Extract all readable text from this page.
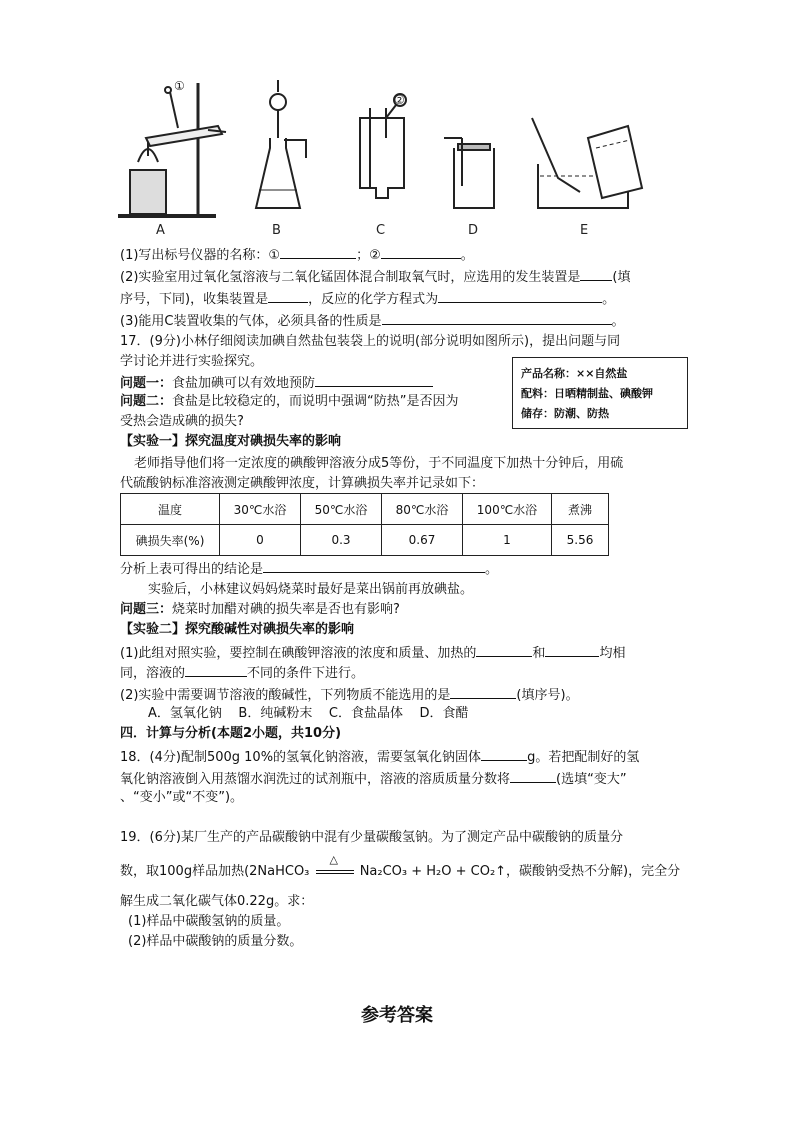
A	B	C	D	E
①
②
(1)写出标号仪器的名称：①	；②	。
(2)实验室用过氧化氢溶液与二氧化锰固体混合制取氧气时，应选用的发生装置是 (填
序号，下同)，收集装置是	，反应的化学方程式为	。
(3)能用C装置收集的气体，必须具备的性质是	。
17．(9分)小林仔细阅读加碘自然盐包装袋上的说明(部分说明如图所示)，提出问题与同
学讨论并进行实验探究。
产品名称：××自然盐
配料：日晒精制盐、碘酸钾
储存：防潮、防热
问题一：食盐加碘可以有效地预防
问题二：食盐是比较稳定的，而说明中强调“防热”是否因为
受热会造成碘的损失?
【实验一】探究温度对碘损失率的影响
老师指导他们将一定浓度的碘酸钾溶液分成5等份，于不同温度下加热十分钟后，用硫
代硫酸钠标准溶液测定碘酸钾浓度，计算碘损失率并记录如下：
温度	30℃水浴	50℃水浴	80℃水浴	100℃水浴	煮沸
碘损失率(%)	0	0.3	0.67	1	5.56
分析上表可得出的结论是	。
实验后，小林建议妈妈烧菜时最好是菜出锅前再放碘盐。
问题三：烧菜时加醋对碘的损失率是否也有影响?
【实验二】探究酸碱性对碘损失率的影响
(1)此组对照实验，要控制在碘酸钾溶液的浓度和质量、加热的	和	均相
同，溶液的	不同的条件下进行。
(2)实验中需要调节溶液的酸碱性，下列物质不能选用的是	(填序号)。
A．氢氧化钠    B．纯碱粉末    C．食盐晶体    D．食醋
四．计算与分析(本题2小题，共10分)
18．(4分)配制500g 10%的氢氧化钠溶液，需要氢氧化钠固体	g。若把配制好的氢
氧化钠溶液倒入用蒸馏水润洗过的试剂瓶中，溶液的溶质质量分数将	(选填“变大”
、“变小”或“不变”)。
19．(6分)某厂生产的产品碳酸钠中混有少量碳酸氢钠。为了测定产品中碳酸钠的质量分
数，取100g样品加热(2NaHCO₃
△
Na₂CO₃ + H₂O + CO₂↑，碳酸钠受热不分解)，完全分
解生成二氧化碳气体0.22g。求：
(1)样品中碳酸氢钠的质量。
(2)样品中碳酸钠的质量分数。
参考答案
